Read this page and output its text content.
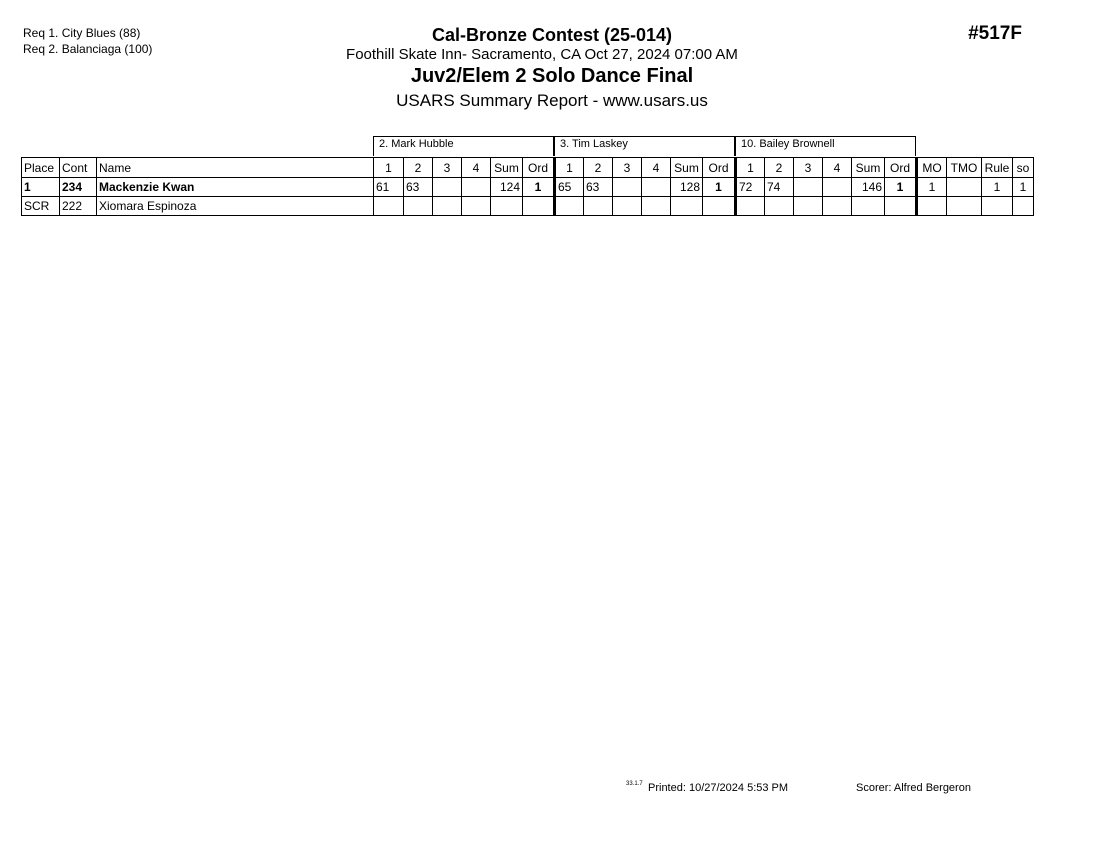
Req 1. City Blues (88)
Req 2. Balanciaga (100)
Cal-Bronze Contest (25-014)
Foothill Skate Inn- Sacramento, CA Oct 27, 2024 07:00 AM
Juv2/Elem 2 Solo Dance Final
USARS Summary Report - www.usars.us
#517F
2. Mark Hubble	3. Tim Laskey	10. Bailey Brownell
Place	Cont	Name	1	2	3	4	Sum	Ord	1	2	3	4	Sum	Ord	1	2	3	4	Sum	Ord	MO	TMO	Rule	so
1	234	Mackenzie Kwan	61	63			124	1	65	63			128	1	72	74			146	1	1		1	1
SCR	222	Xiomara Espinoza																						
33.1.7 Printed: 10/27/2024 5:53 PM	Scorer: Alfred Bergeron
